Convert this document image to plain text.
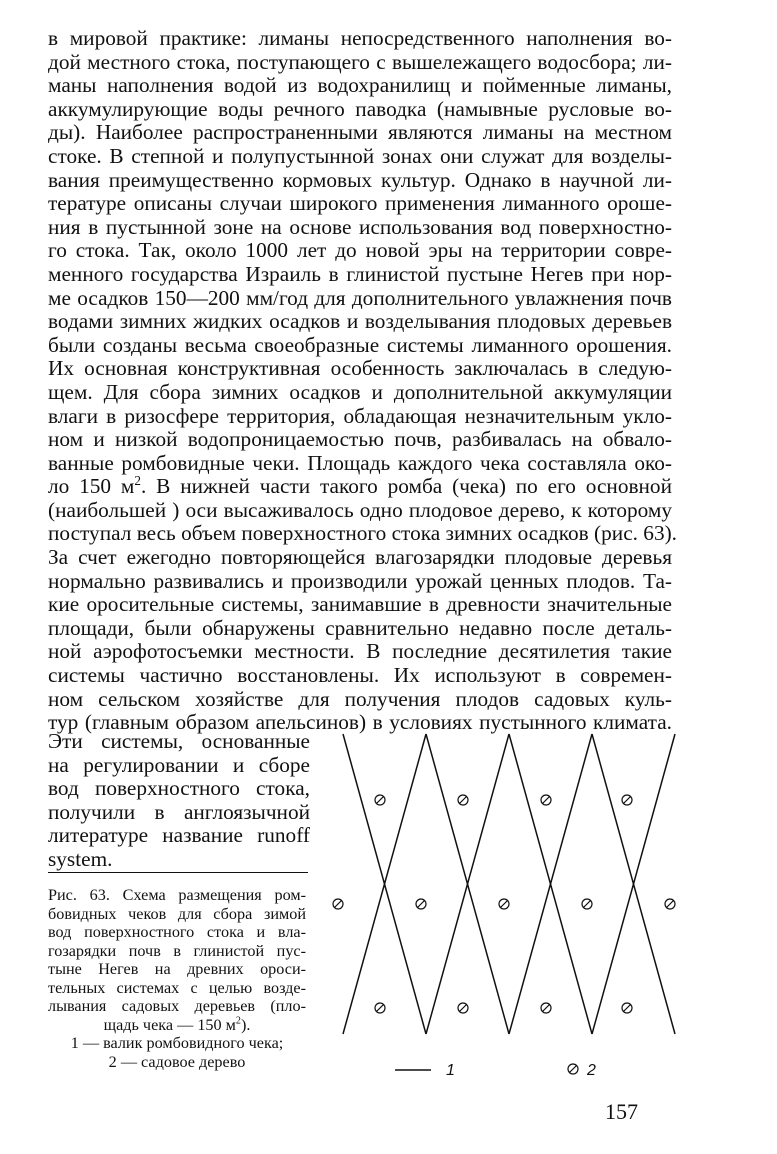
в мировой практике: лиманы непосредственного наполнения во-
дой местного стока, поступающего с вышележащего водосбора; ли-
маны наполнения водой из водохранилищ и пойменные лиманы,
аккумулирующие воды речного паводка (намывные русловые во-
ды). Наиболее распространенными являются лиманы на местном
стоке. В степной и полупустынной зонах они служат для возделы-
вания преимущественно кормовых культур. Однако в научной ли-
тературе описаны случаи широкого применения лиманного ороше-
ния в пустынной зоне на основе использования вод поверхностно-
го стока. Так, около 1000 лет до новой эры на территории совре-
менного государства Израиль в глинистой пустыне Негев при нор-
ме осадков 150—200 мм/год для дополнительного увлажнения почв
водами зимних жидких осадков и возделывания плодовых деревьев
были созданы весьма своеобразные системы лиманного орошения.
Их основная конструктивная особенность заключалась в следую-
щем. Для сбора зимних осадков и дополнительной аккумуляции
влаги в ризосфере территория, обладающая незначительным укло-
ном и низкой водопроницаемостью почв, разбивалась на обвало-
ванные ромбовидные чеки. Площадь каждого чека составляла око-
ло 150 $м^2$. В нижней части такого ромба (чека) по его основной
(наибольшей ) оси высаживалось одно плодовое дерево, к которому
поступал весь объем поверхностного стока зимних осадков (рис. 63).
За счет ежегодно повторяющейся влагозарядки плодовые деревья
нормально развивались и производили урожай ценных плодов. Та-
кие оросительные системы, занимавшие в древности значительные
площади, были обнаружены сравнительно недавно после деталь-
ной аэрофотосъемки местности. В последние десятилетия такие
системы частично восстановлены. Их используют в современ-
ном сельском хозяйстве для получения плодов садовых куль-
тур (главным образом апельсинов) в условиях пустынного климата.
Эти системы, основанные
на регулировании и сборе
вод поверхностного стока,
получили в англоязычной
литературе название runoff
system.
Рис. 63. Схема размещения ром-
бовидных чеков для сбора зимой
вод поверхностного стока и вла-
гозарядки почв в глинистой пус-
тыне Негев на древних ороси-
тельных системах с целью возде-
лывания садовых деревьев (пло-
щадь чека — 150 $м^2$).
1 — валик ромбовидного чека;
2 — садовое дерево	1	2
157
